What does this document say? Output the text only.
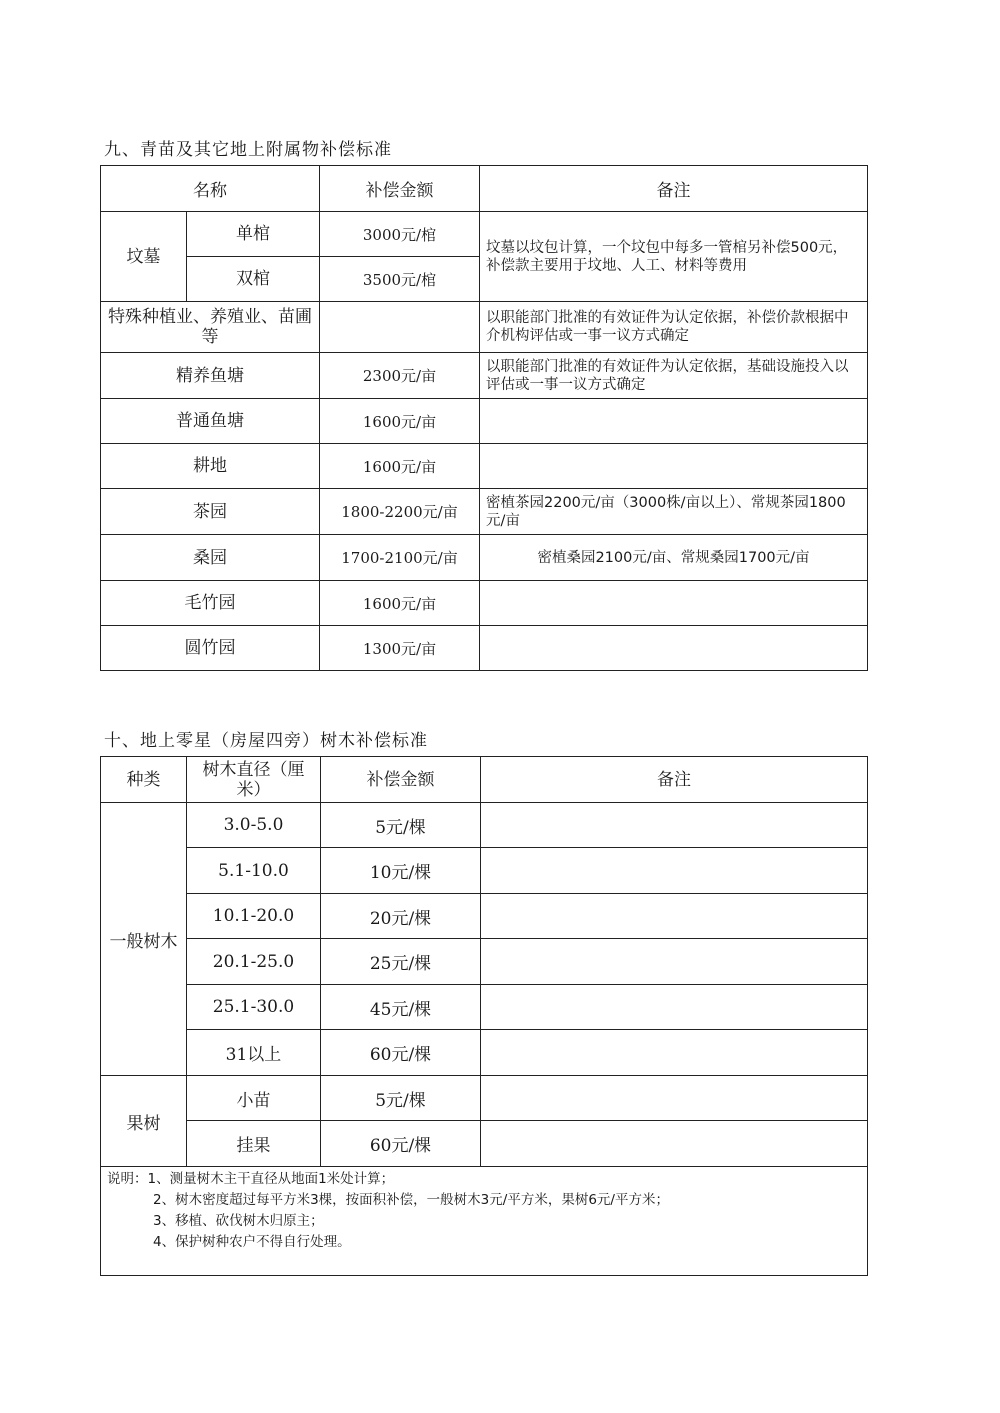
九、青苗及其它地上附属物补偿标准
名称		补偿金额	备注
坟墓	单棺	3000元/棺	坟墓以坟包计算，一个坟包中每多一管棺另补偿500元，补偿款主要用于坟地、人工、材料等费用
	双棺	3500元/棺	
特殊种植业、养殖业、苗圃等			以职能部门批准的有效证件为认定依据，补偿价款根据中介机构评估或一事一议方式确定
精养鱼塘		2300元/亩	以职能部门批准的有效证件为认定依据，基础设施投入以评估或一事一议方式确定
普通鱼塘		1600元/亩	
耕地		1600元/亩	
茶园		1800-2200元/亩	密植茶园2200元/亩（3000株/亩以上）、常规茶园1800元/亩
桑园		1700-2100元/亩	密植桑园2100元/亩、常规桑园1700元/亩
毛竹园		1600元/亩	
圆竹园		1300元/亩	
十、地上零星（房屋四旁）树木补偿标准
种类	树木直径（厘米）	补偿金额	备注
一般树木	3.0-5.0	5元/棵	
	5.1-10.0	10元/棵	
	10.1-20.0	20元/棵	
	20.1-25.0	25元/棵	
	25.1-30.0	45元/棵	
	31以上	60元/棵	
果树	小苗	5元/棵	
	挂果	60元/棵	

说明：1、测量树木主干直径从地面1米处计算；
2、树木密度超过每平方米3棵，按面积补偿，一般树木3元/平方米，果树6元/平方米；
3、移植、砍伐树木归原主；
4、保护树种农户不得自行处理。			
